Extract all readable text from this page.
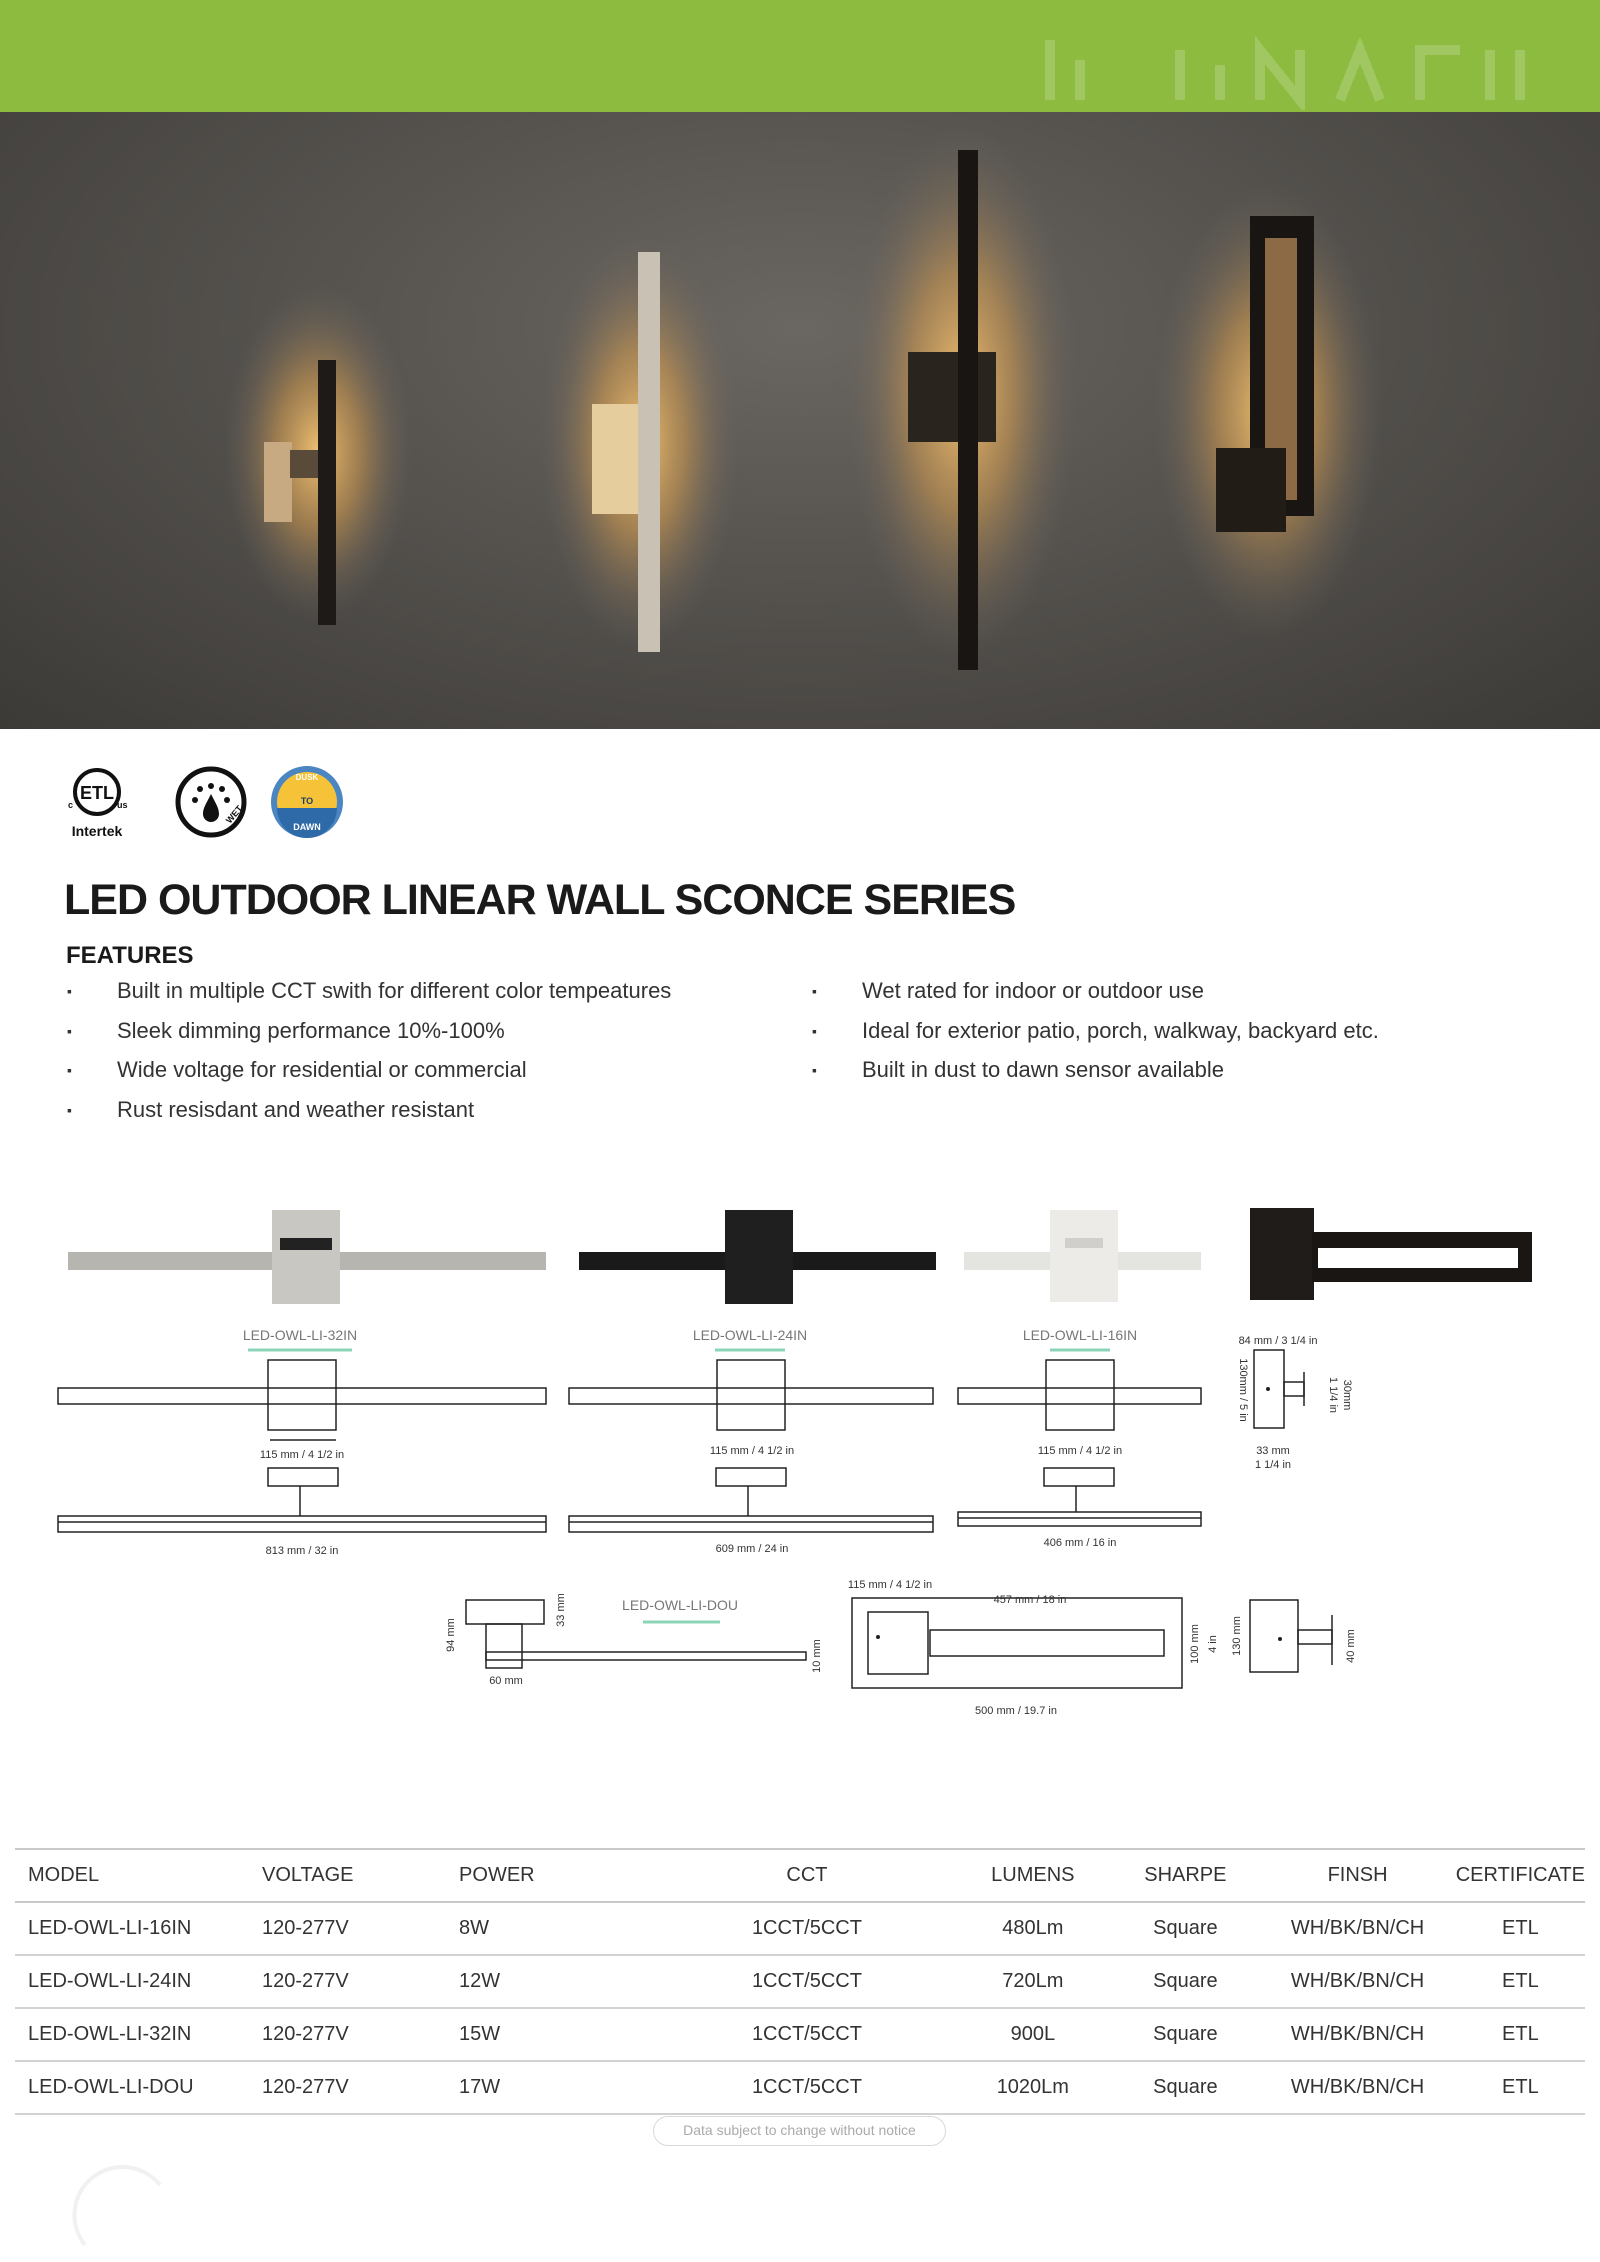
ETL
c	us
Intertek
WET
DUSK
TO
DAWN
LED OUTDOOR LINEAR WALL SCONCE SERIES
FEATURES
▪ Built in multiple CCT swith for different color tempeatures
▪ Sleek dimming performance 10%-100%
▪ Wide voltage for residential or commercial
▪ Rust resisdant and weather resistant
▪ Wet rated for indoor or outdoor use
▪ Ideal for exterior patio, porch, walkway, backyard etc.
▪ Built in dust to dawn sensor available
LED-OWL-LI-32IN	LED-OWL-LI-24IN	LED-OWL-LI-16IN
115 mm / 4 1/2 in	115 mm / 4 1/2 in	115 mm / 4 1/2 in
813 mm / 32 in	609 mm / 24 in	406 mm / 16 in
84 mm / 3 1/4 in
130mm / 5 in	30mm
1 1/4 in
33 mm
1 1/4 in
LED-OWL-LI-DOU
94 mm
33 mm
60 mm
10 mm
115 mm / 4 1/2 in
457 mm / 18 in
500 mm / 19.7 in
100 mm 4 in 130 mm	40 mm
MODEL	VOLTAGE	POWER	CCT	LUMENS	SHARPE	FINSH	CERTIFICATE
LED-OWL-LI-16IN	120-277V	8W	1CCT/5CCT	480Lm	Square	WH/BK/BN/CH	ETL
LED-OWL-LI-24IN	120-277V	12W	1CCT/5CCT	720Lm	Square	WH/BK/BN/CH	ETL
LED-OWL-LI-32IN	120-277V	15W	1CCT/5CCT	900L	Square	WH/BK/BN/CH	ETL
LED-OWL-LI-DOU	120-277V	17W	1CCT/5CCT	1020Lm	Square	WH/BK/BN/CH	ETL
Data subject to change without notice
